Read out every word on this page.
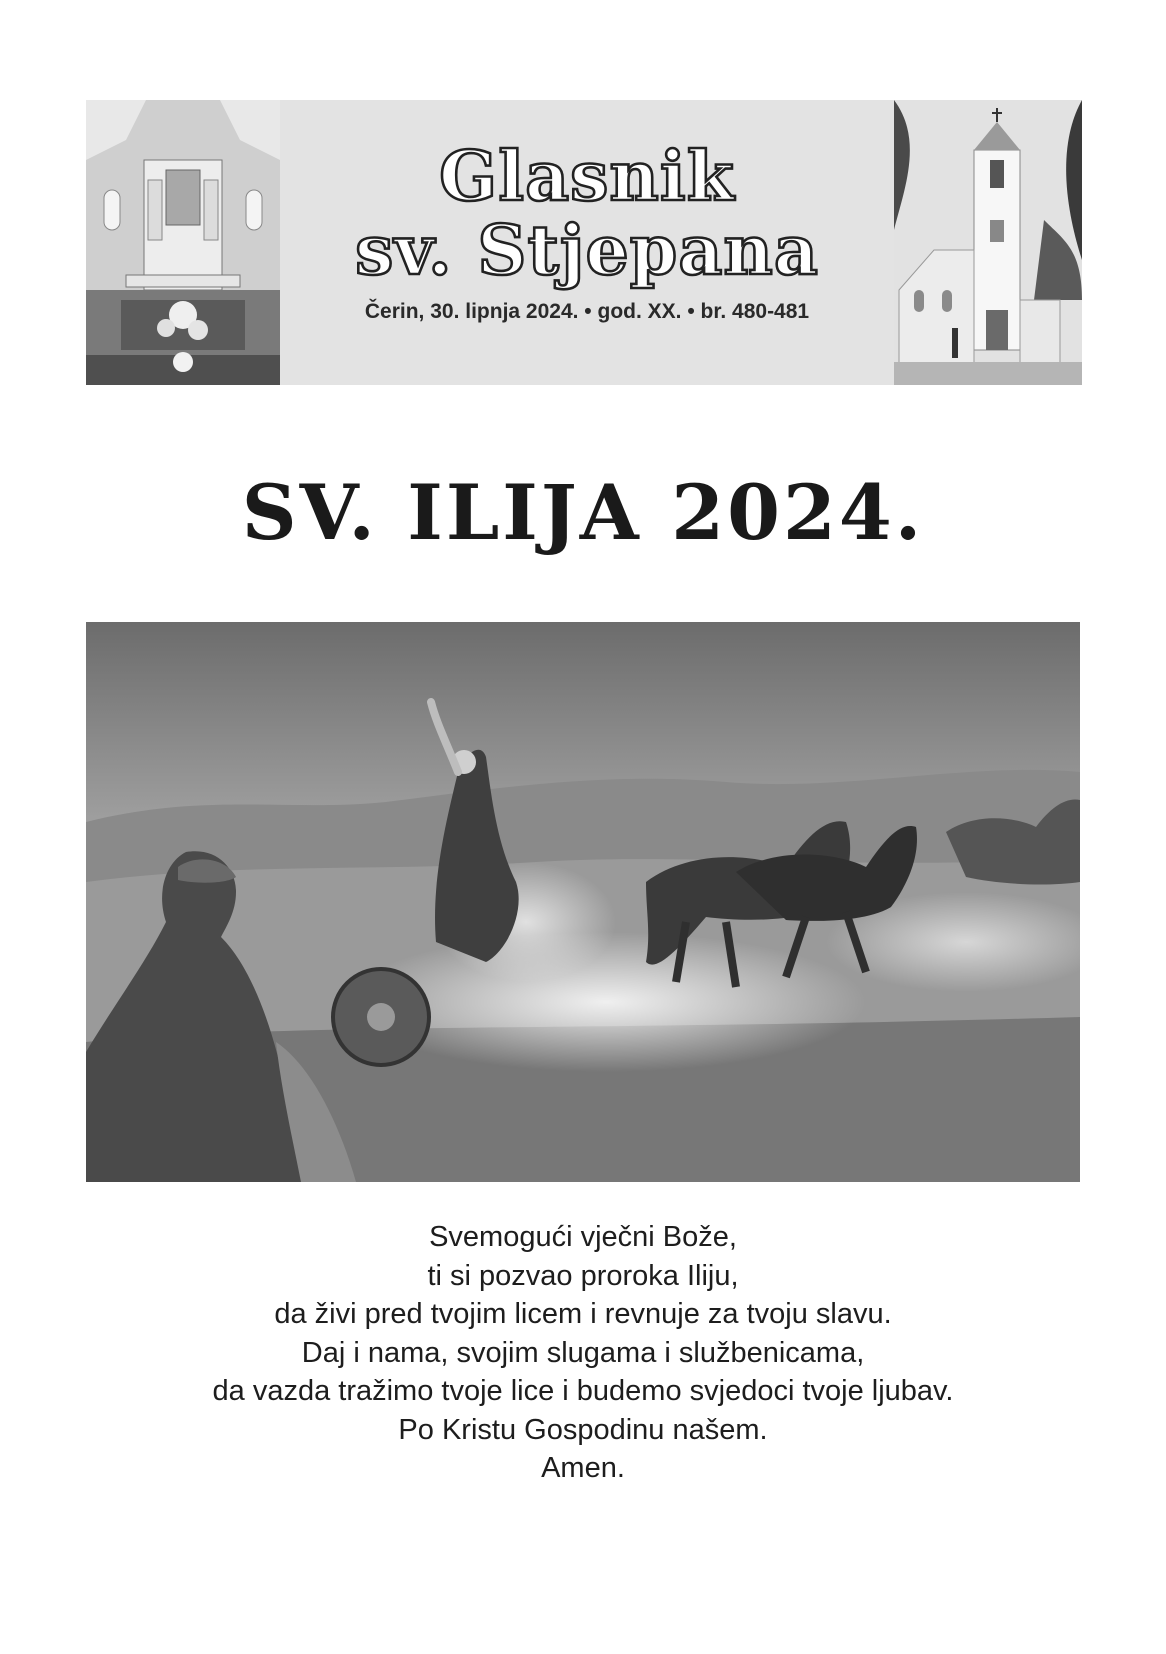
Glasnik
sv. Stjepana
Čerin, 30. lipnja 2024. • god. XX. • br. 480-481
SV. ILIJA 2024.
Svemogući vječni Bože,
ti si pozvao proroka Iliju,
da živi pred tvojim licem i revnuje za tvoju slavu.
Daj i nama, svojim slugama i službenicama,
da vazda tražimo tvoje lice i budemo svjedoci tvoje ljubav.
Po Kristu Gospodinu našem.
Amen.
